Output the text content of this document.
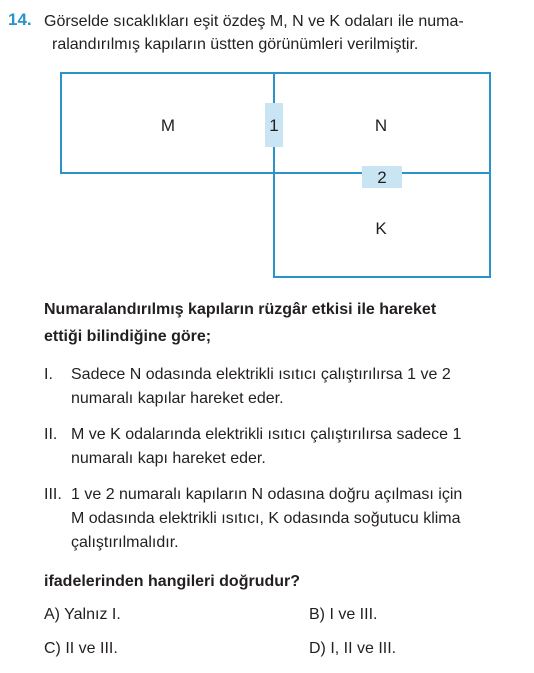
14. Görselde sıcaklıkları eşit özdeş M, N ve K odaları ile numa-
ralandırılmış kapıların üstten görünümleri verilmiştir.
M	N
K
1
2
Numaralandırılmış kapıların rüzgâr etkisi ile hareket
ettiği bilindiğine göre;
I. Sadece N odasında elektrikli ısıtıcı çalıştırılırsa 1 ve 2
numaralı kapılar hareket eder.
II. M ve K odalarında elektrikli ısıtıcı çalıştırılırsa sadece 1
numaralı kapı hareket eder.
III. 1 ve 2 numaralı kapıların N odasına doğru açılması için
M odasında elektrikli ısıtıcı, K odasında soğutucu klima
çalıştırılmalıdır.
ifadelerinden hangileri doğrudur?
A) Yalnız I.	B) I ve III.
C) II ve III.	D) I, II ve III.
